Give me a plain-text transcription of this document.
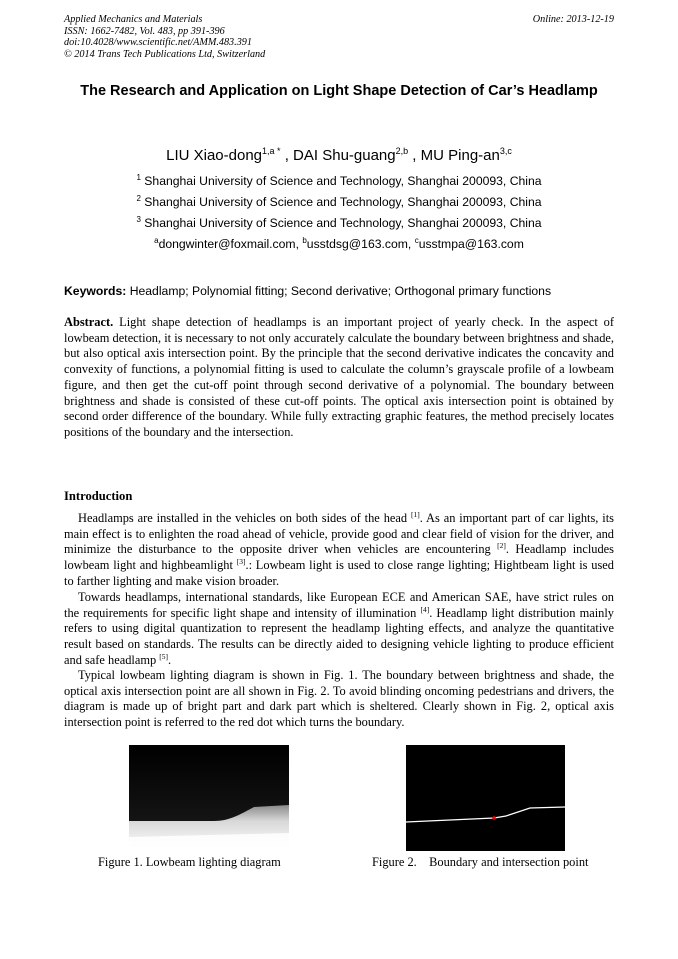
Applied Mechanics and Materials
ISSN: 1662-7482, Vol. 483, pp 391-396
doi:10.4028/www.scientific.net/AMM.483.391
© 2014 Trans Tech Publications Ltd, Switzerland
Online: 2013-12-19
The Research and Application on Light Shape Detection of Car’s Headlamp
LIU Xiao-dong$^{1,a *}$ , DAI Shu-guang$^{2,b}$ , MU Ping-an$^{3,c}$
$^1$ Shanghai University of Science and Technology, Shanghai 200093, China
$^2$ Shanghai University of Science and Technology, Shanghai 200093, China
$^3$ Shanghai University of Science and Technology, Shanghai 200093, China
$^a$dongwinter@foxmail.com, $^b$usstdsg@163.com, $^c$usstmpa@163.com
Keywords: Headlamp; Polynomial fitting; Second derivative; Orthogonal primary functions

Abstract. Light shape detection of headlamps is an important project of yearly check. In the aspect of lowbeam detection, it is necessary to not only accurately calculate the boundary between brightness and shade, but also optical axis intersection point. By the principle that the second derivative indicates the concavity and convexity of functions, a polynomial fitting is used to calculate the column’s grayscale profile of a lowbeam figure, and then get the cut-off point through second derivative of a polynomial. The boundary between brightness and shade is consisted of these cut-off points. The optical axis intersection point is obtained by second order difference of the boundary. While fully extracting graphic features, the method precisely locates positions of the boundary and the intersection.

Introduction

Headlamps are installed in the vehicles on both sides of the head [1]. As an important part of car lights, its main effect is to enlighten the road ahead of vehicle, provide good and clear field of vision for the driver, and minimize the disturbance to the opposite driver when vehicles are encountering [2]. Headlamp includes lowbeam light and highbeamlight [3].: Lowbeam light is used to close range lighting; Hightbeam light is used to farther lighting and make vision broader.

Towards headlamps, international standards, like European ECE and American SAE, have strict rules on the requirements for specific light shape and intensity of illumination [4]. Headlamp light distribution mainly refers to using digital quantization to represent the headlamp lighting effects, and analyze the quantitative result based on standards. The results can be directly aided to designing vehicle lighting to produce efficient and safe headlamp [5].

Typical lowbeam lighting diagram is shown in Fig. 1. The boundary between brightness and shade, the optical axis intersection point are all shown in Fig. 2. To avoid blinding oncoming pedestrians and drivers, the diagram is made up of bright part and dark part which is sheltered. Clearly shown in Fig. 2, optical axis intersection point is referred to the red dot which turns the boundary.

Figure 1. Lowbeam lighting diagram	Figure 2.    Boundary and intersection point
